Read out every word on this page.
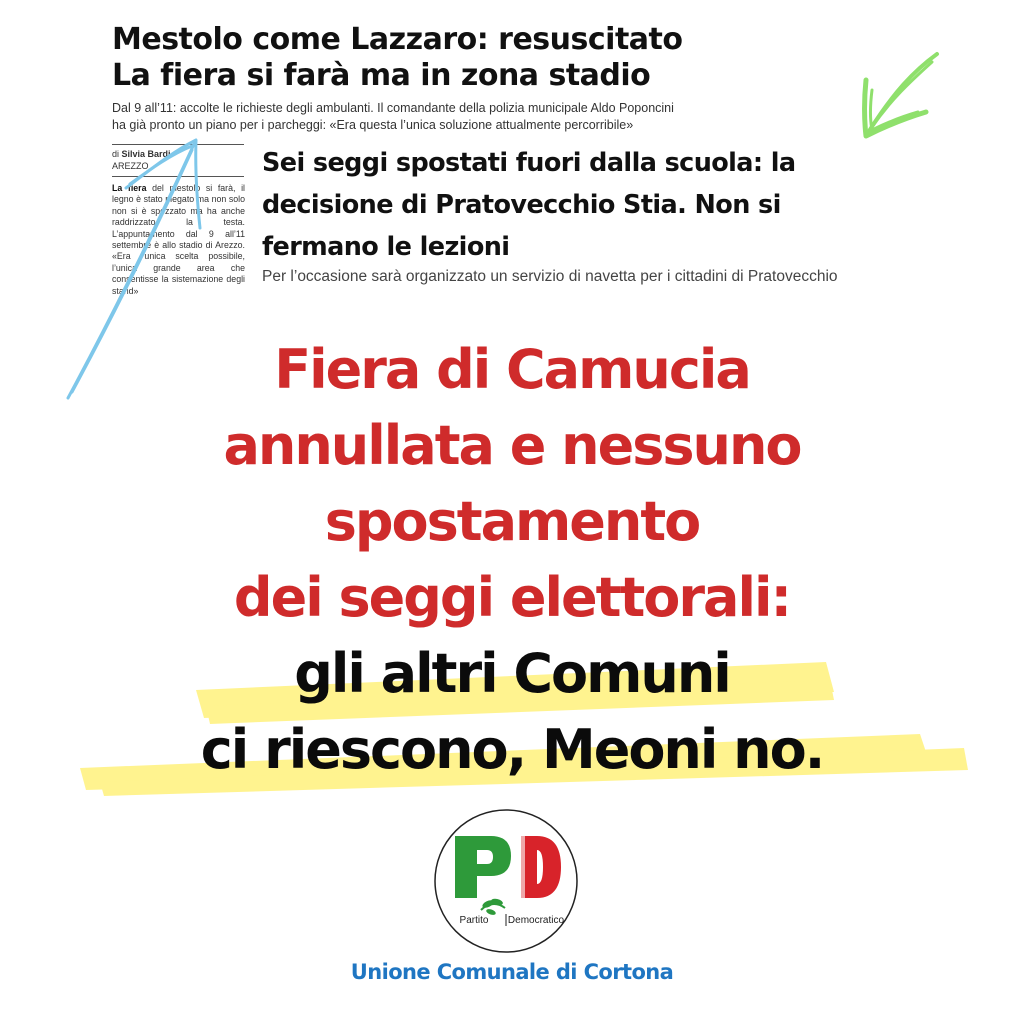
Mestolo come Lazzaro: resuscitato
La fiera si farà ma in zona stadio
Dal 9 all’11: accolte le richieste degli ambulanti. Il comandante della polizia municipale Aldo Poponcini
ha già pronto un piano per i parcheggi: «Era questa l’unica soluzione attualmente percorribile»
di Silvia Bardi
AREZZO

La fiera del mestolo si farà, il legno è stato piegato ma non solo non si è spezzato ma ha anche raddrizzato la testa. L’appuntamento dal 9 all’11 settembre è allo stadio di Arezzo. «Era l’unica scelta possibile, l’unica grande area che consentisse la sistemazione degli stand»

Sei seggi spostati fuori dalla scuola: la
decisione di Pratovecchio Stia. Non si
fermano le lezioni
Per l’occasione sarà organizzato un servizio di navetta per i cittadini di Pratovecchio
Fiera di Camucia
annullata e nessuno
spostamento
dei seggi elettorali:
gli altri Comuni
ci riescono, Meoni no.
Partito Democratico
Unione Comunale di Cortona
